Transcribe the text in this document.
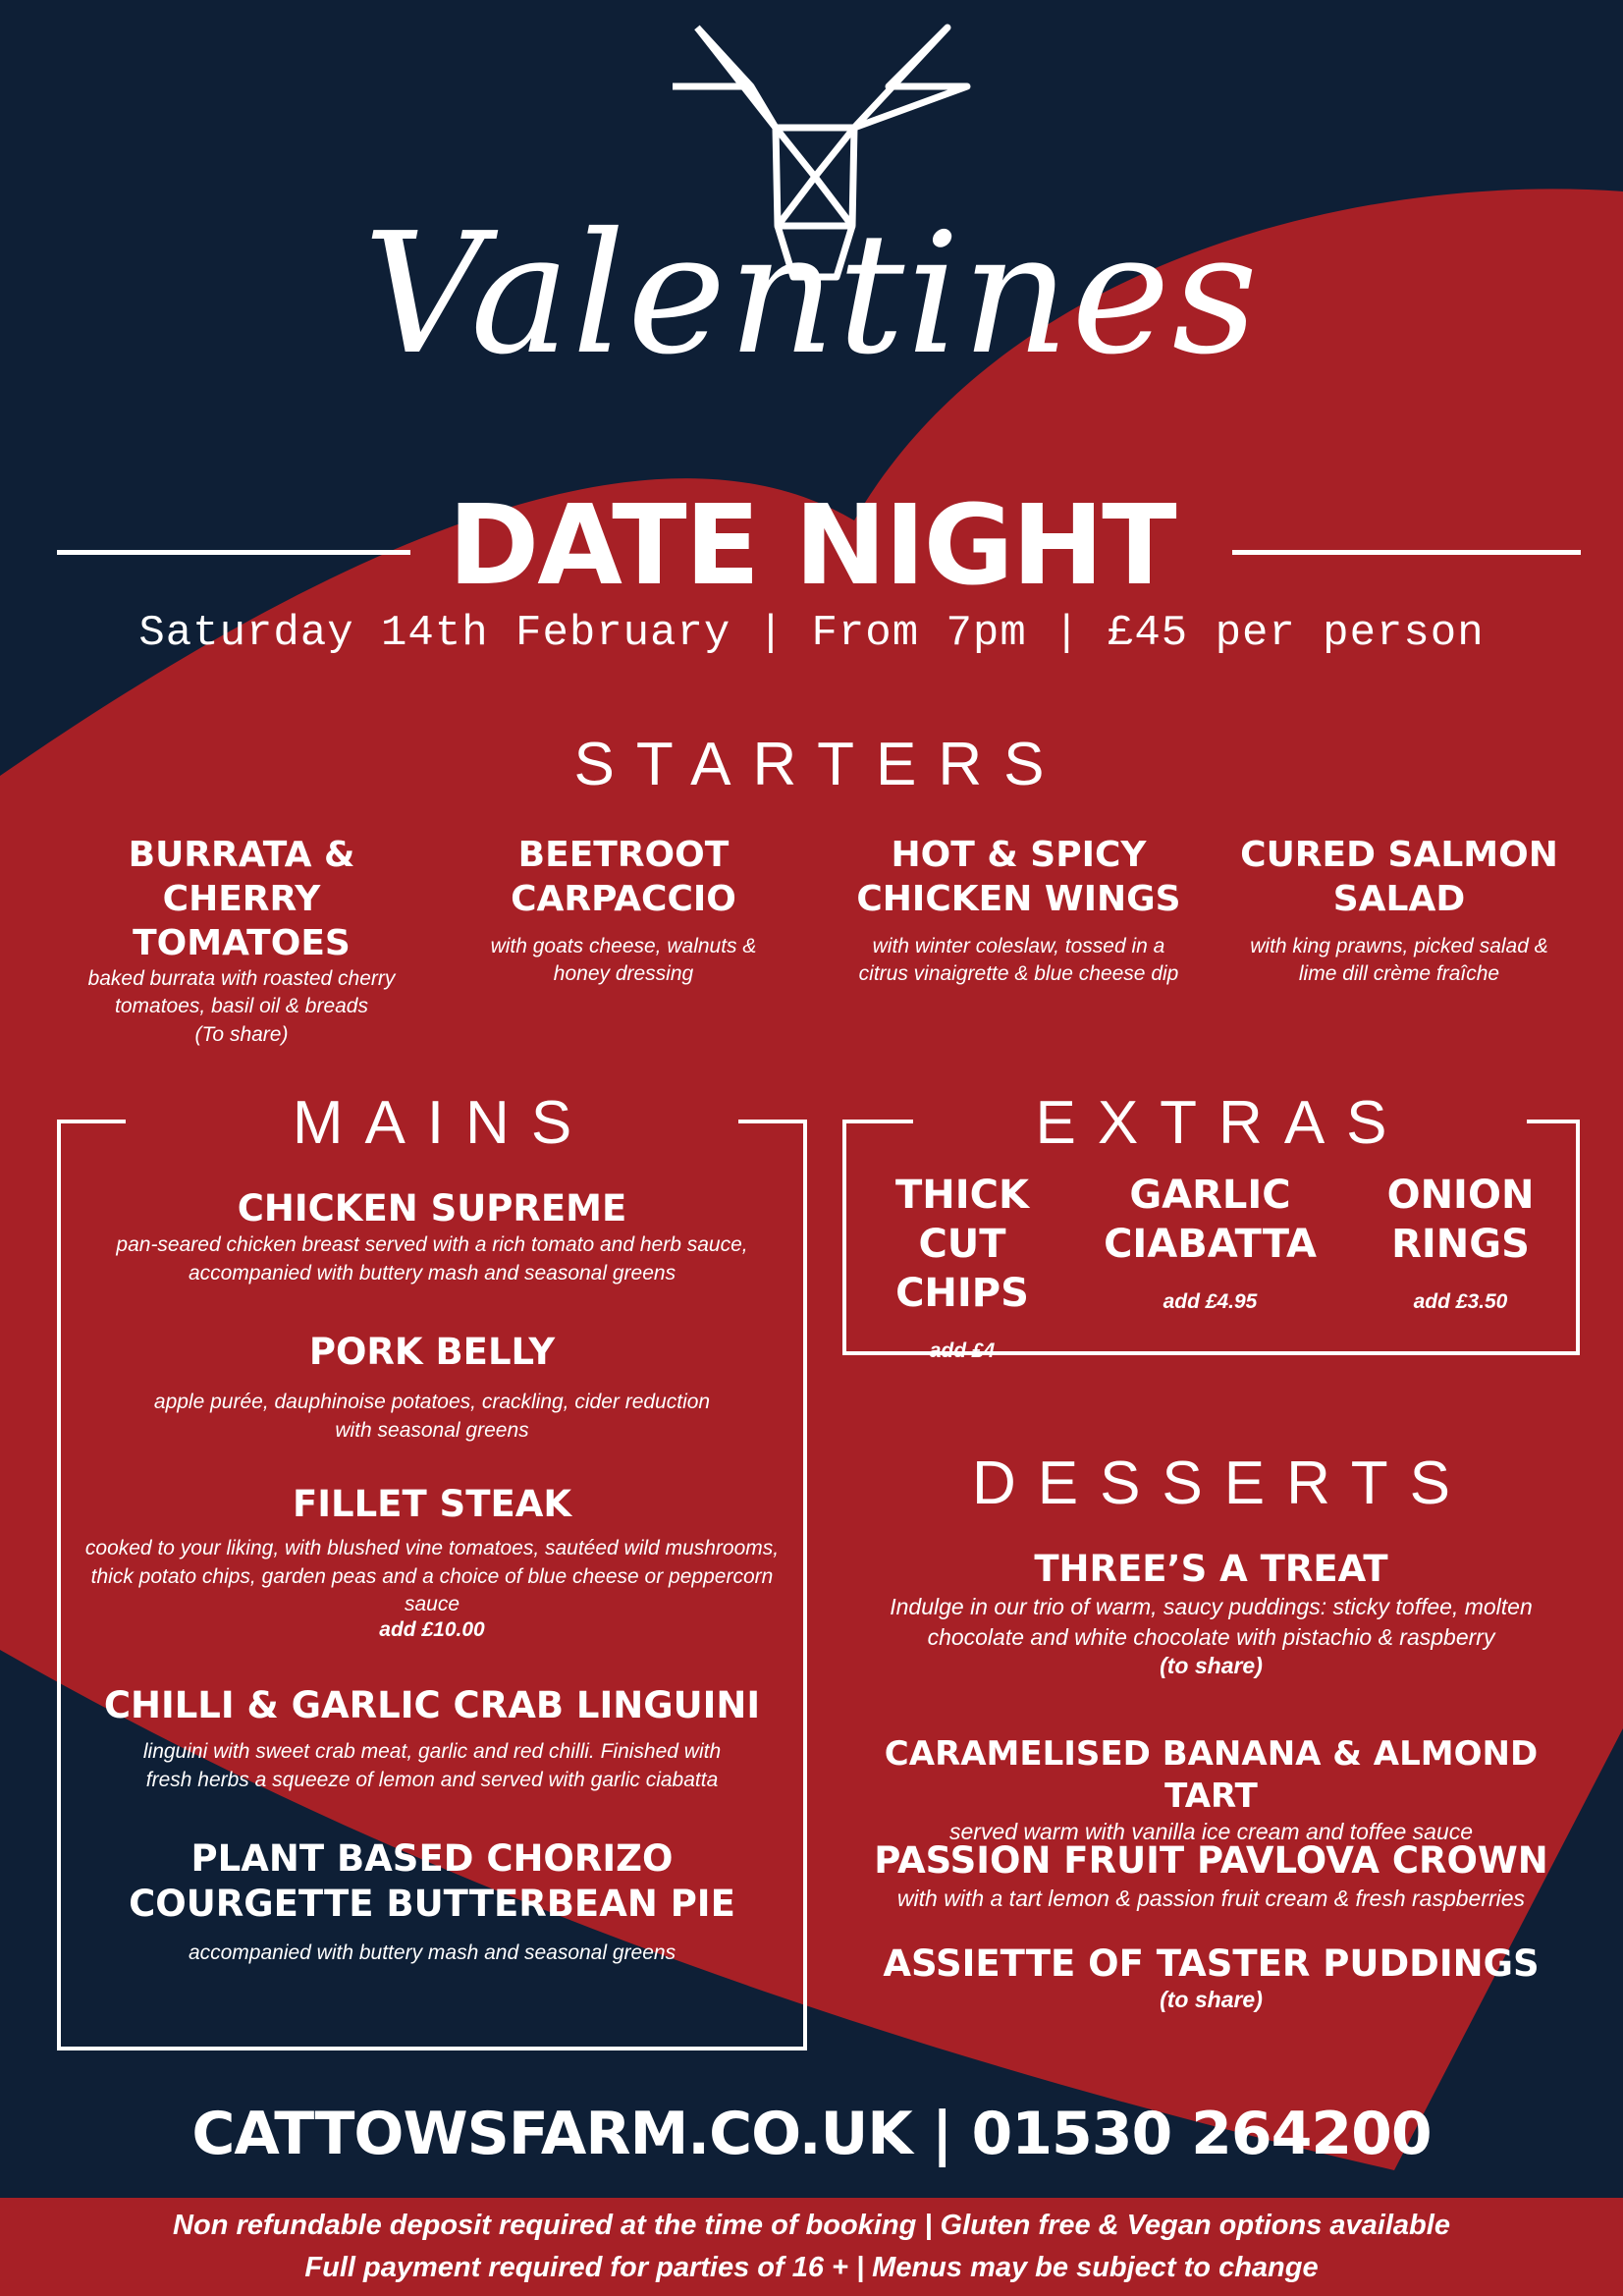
Valentines
DATE NIGHT
Saturday 14th February | From 7pm | £45 per person
STARTERS
BURRATA & CHERRY
TOMATOES
baked burrata with roasted cherry
tomatoes, basil oil & breads
(To share)
BEETROOT
CARPACCIO
with goats cheese, walnuts &
honey dressing
HOT & SPICY
CHICKEN WINGS
with winter coleslaw, tossed in a
citrus vinaigrette & blue cheese dip
CURED SALMON
SALAD
with king prawns, picked salad &
lime dill crème fraîche
MAINS
CHICKEN SUPREME
pan-seared chicken breast served with a rich tomato and herb sauce,
accompanied with buttery mash and seasonal greens
PORK BELLY
apple purée, dauphinoise potatoes, crackling, cider reduction
with seasonal greens
FILLET STEAK
cooked to your liking, with blushed vine tomatoes, sautéed wild mushrooms,
thick potato chips, garden peas and a choice of blue cheese or peppercorn
sauce
add £10.00
CHILLI & GARLIC CRAB LINGUINI
linguini with sweet crab meat, garlic and red chilli. Finished with
fresh herbs a squeeze of lemon and served with garlic ciabatta
PLANT BASED CHORIZO
COURGETTE BUTTERBEAN PIE
accompanied with buttery mash and seasonal greens
EXTRAS
THICK CUT
CHIPS
add £4
GARLIC
CIABATTA
add £4.95
ONION
RINGS
add £3.50
DESSERTS
THREE’S A TREAT
Indulge in our trio of warm, saucy puddings: sticky toffee, molten
chocolate and white chocolate with pistachio & raspberry
(to share)
CARAMELISED BANANA & ALMOND TART
served warm with vanilla ice cream and toffee sauce
PASSION FRUIT PAVLOVA CROWN
with with a tart lemon & passion fruit cream & fresh raspberries
ASSIETTE OF TASTER PUDDINGS
(to share)
CATTOWSFARM.CO.UK | 01530 264200
Non refundable deposit required at the time of booking | Gluten free & Vegan options available
Full payment required for parties of 16 + | Menus may be subject to change
